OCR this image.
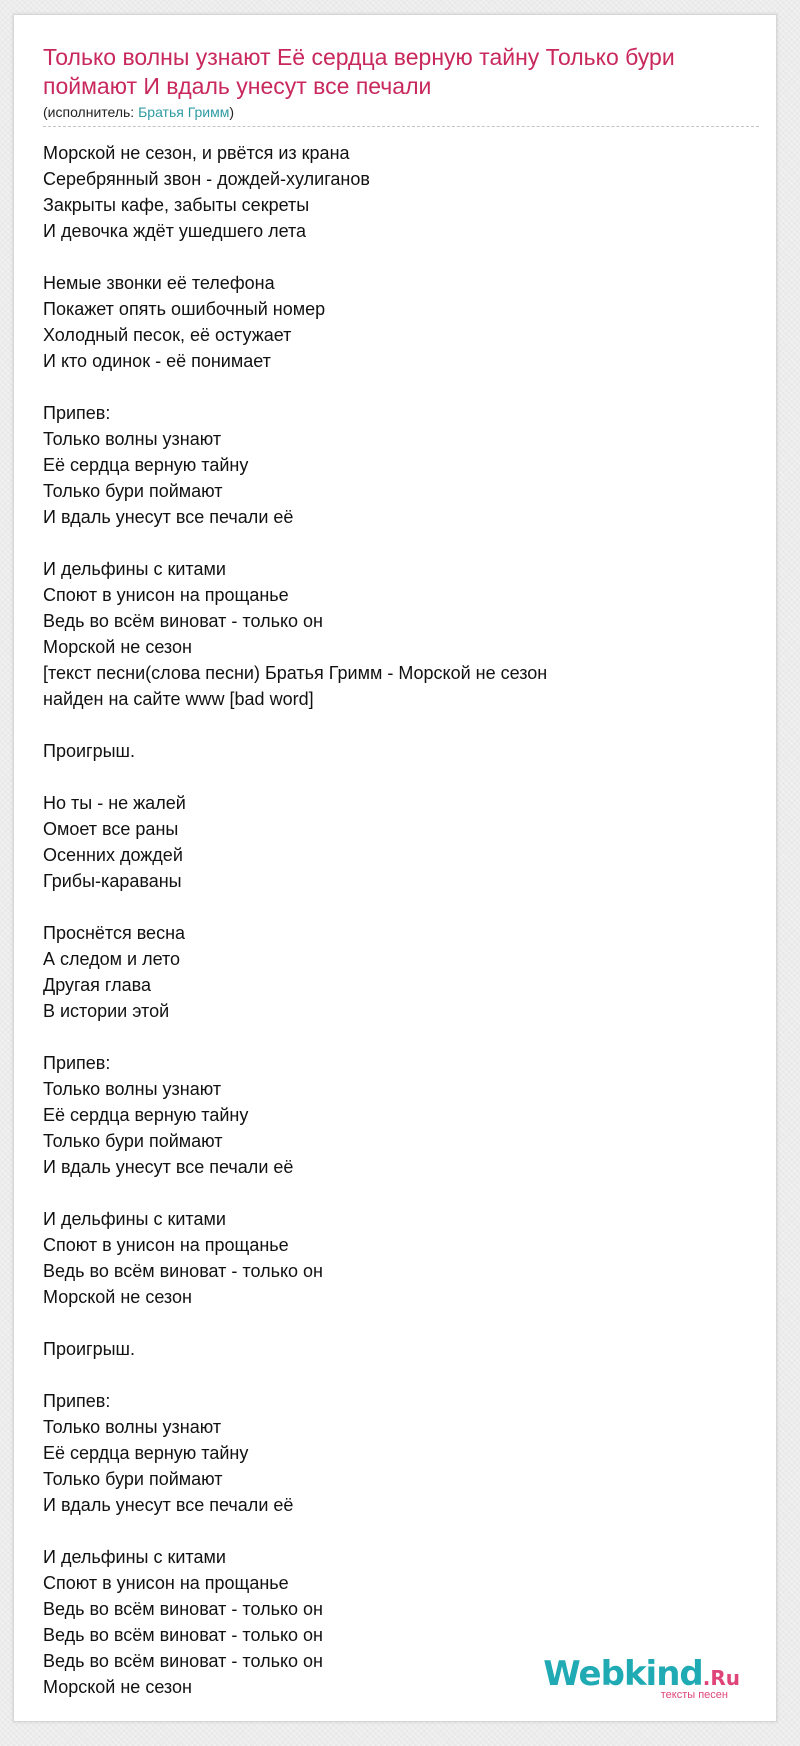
Только волны узнают Её сердца верную тайну Только бури поймают И вдаль унесут все печали
(исполнитель: Братья Гримм)
Морской не сезон, и рвётся из крана
Серебрянный звон - дождей-хулиганов
Закрыты кафе, забыты секреты
И девочка ждёт ушедшего лета
Немые звонки её телефона
Покажет опять ошибочный номер
Холодный песок, её остужает
И кто одинок - её понимает
Припев:
Только волны узнают
Её сердца верную тайну
Только бури поймают
И вдаль унесут все печали её
И дельфины с китами
Споют в унисон на прощанье
Ведь во всём виноват - только он
Морской не сезон
[текст песни(слова песни) Братья Гримм - Морской не сезон
найден на сайте www [bad word]
Проигрыш.
Но ты - не жалей
Омоет все раны
Осенних дождей
Грибы-караваны
Проснётся весна
А следом и лето
Другая глава
В истории этой
Припев:
Только волны узнают
Её сердца верную тайну
Только бури поймают
И вдаль унесут все печали её
И дельфины с китами
Споют в унисон на прощанье
Ведь во всём виноват - только он
Морской не сезон
Проигрыш.
Припев:
Только волны узнают
Её сердца верную тайну
Только бури поймают
И вдаль унесут все печали её
И дельфины с китами
Споют в унисон на прощанье
Ведь во всём виноват - только он
Ведь во всём виноват - только он
Ведь во всём виноват - только он
Морской не сезон	Webkind.Ru
тексты песен
